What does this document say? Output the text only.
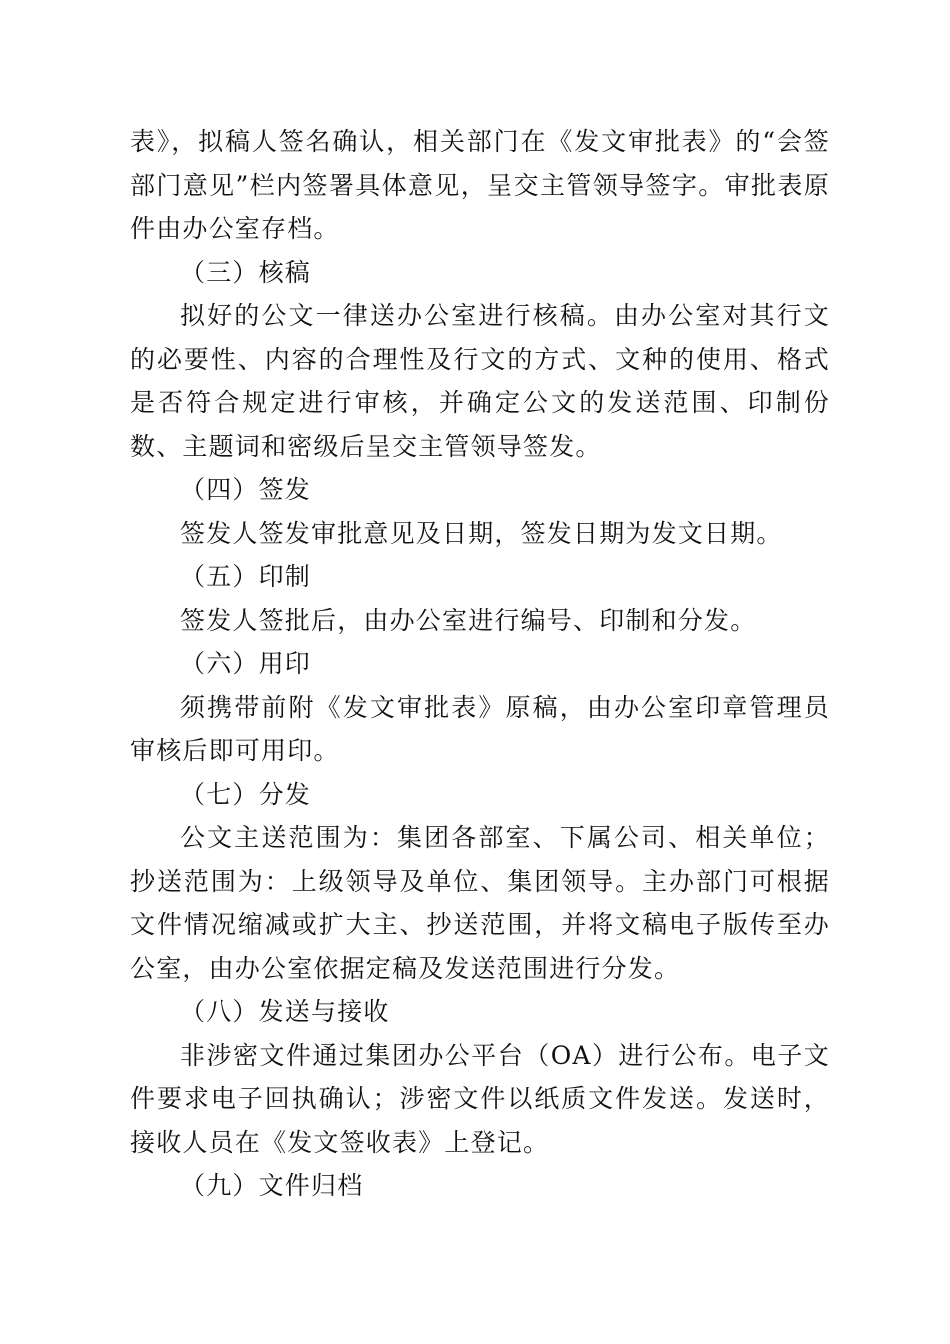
表》，拟稿人签名确认，相关部门在《发文审批表》的“会签部门意见”栏内签署具体意见，呈交主管领导签字。审批表原件由办公室存档。

（三）核稿

拟好的公文一律送办公室进行核稿。由办公室对其行文的必要性、内容的合理性及行文的方式、文种的使用、格式是否符合规定进行审核，并确定公文的发送范围、印制份数、主题词和密级后呈交主管领导签发。

（四）签发

签发人签发审批意见及日期，签发日期为发文日期。

（五）印制

签发人签批后，由办公室进行编号、印制和分发。

（六）用印

须携带前附《发文审批表》原稿，由办公室印章管理员审核后即可用印。

（七）分发

公文主送范围为：集团各部室、下属公司、相关单位；抄送范围为：上级领导及单位、集团领导。主办部门可根据文件情况缩减或扩大主、抄送范围，并将文稿电子版传至办公室，由办公室依据定稿及发送范围进行分发。

（八）发送与接收

非涉密文件通过集团办公平台（OA）进行公布。电子文件要求电子回执确认；涉密文件以纸质文件发送。发送时，接收人员在《发文签收表》上登记。

（九）文件归档
